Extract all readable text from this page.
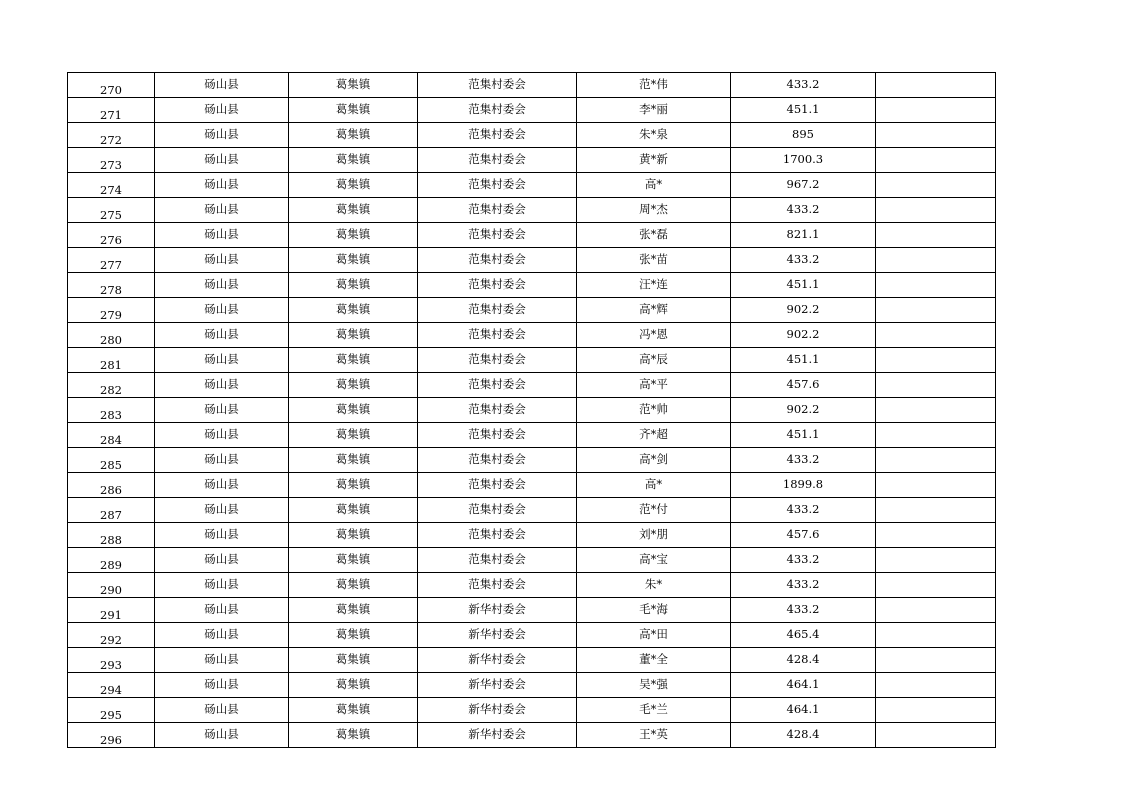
270	砀山县	葛集镇	范集村委会	范*伟	433.2	
271	砀山县	葛集镇	范集村委会	李*丽	451.1	
272	砀山县	葛集镇	范集村委会	朱*泉	895	
273	砀山县	葛集镇	范集村委会	黄*新	1700.3	
274	砀山县	葛集镇	范集村委会	高*	967.2	
275	砀山县	葛集镇	范集村委会	周*杰	433.2	
276	砀山县	葛集镇	范集村委会	张*磊	821.1	
277	砀山县	葛集镇	范集村委会	张*苗	433.2	
278	砀山县	葛集镇	范集村委会	汪*连	451.1	
279	砀山县	葛集镇	范集村委会	高*辉	902.2	
280	砀山县	葛集镇	范集村委会	冯*恩	902.2	
281	砀山县	葛集镇	范集村委会	高*辰	451.1	
282	砀山县	葛集镇	范集村委会	高*平	457.6	
283	砀山县	葛集镇	范集村委会	范*帅	902.2	
284	砀山县	葛集镇	范集村委会	齐*超	451.1	
285	砀山县	葛集镇	范集村委会	高*剑	433.2	
286	砀山县	葛集镇	范集村委会	高*	1899.8	
287	砀山县	葛集镇	范集村委会	范*付	433.2	
288	砀山县	葛集镇	范集村委会	刘*朋	457.6	
289	砀山县	葛集镇	范集村委会	高*宝	433.2	
290	砀山县	葛集镇	范集村委会	朱*	433.2	
291	砀山县	葛集镇	新华村委会	毛*海	433.2	
292	砀山县	葛集镇	新华村委会	高*田	465.4	
293	砀山县	葛集镇	新华村委会	董*全	428.4	
294	砀山县	葛集镇	新华村委会	吴*强	464.1	
295	砀山县	葛集镇	新华村委会	毛*兰	464.1	
296	砀山县	葛集镇	新华村委会	王*英	428.4	
